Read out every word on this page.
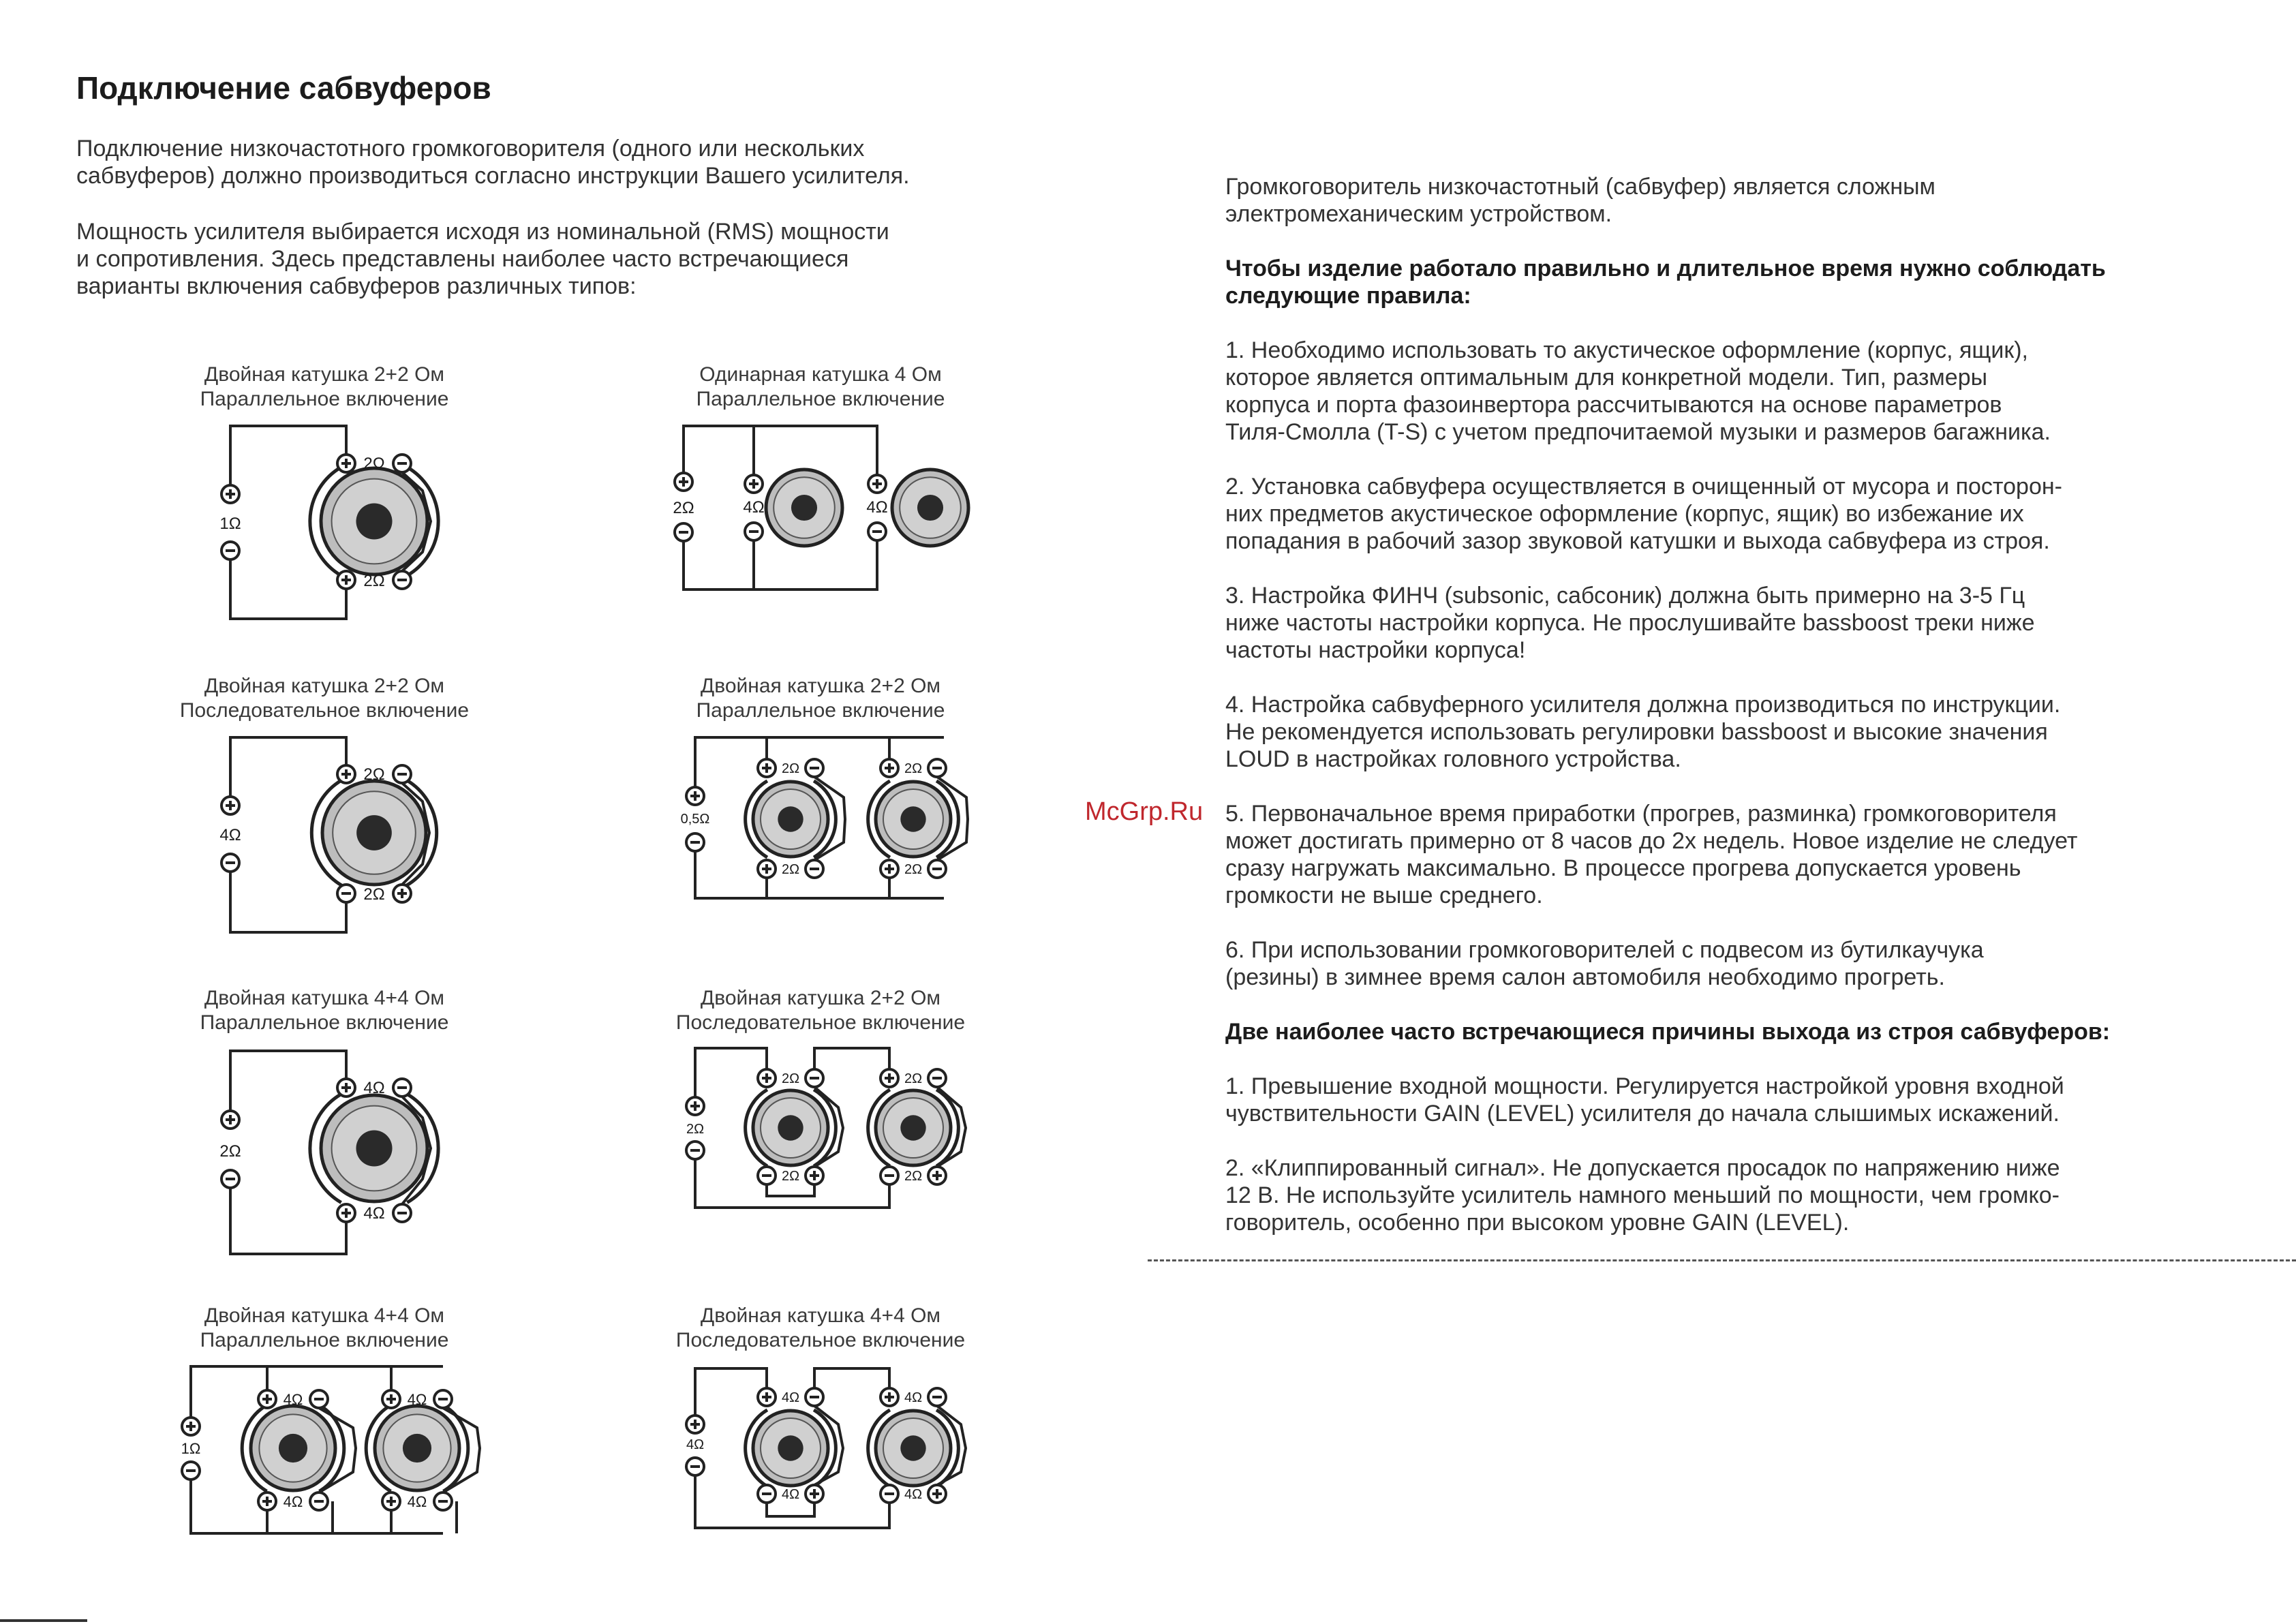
Подключение сабвуферов
Подключение низкочастотного громкоговорителя (одного или нескольких
сабвуферов) должно производиться согласно инструкции Вашего усилителя.
Мощность усилителя выбирается исходя из номинальной (RMS) мощности
и сопротивления. Здесь представлены наиболее часто встречающиеся
варианты включения сабвуферов различных типов:
Двойная катушка 2+2 Ом
Параллельное включение
Одинарная катушка 4 Ом
Параллельное включение
Двойная катушка 2+2 Ом
Последовательное включение
Двойная катушка 2+2 Ом
Параллельное включение
Двойная катушка 4+4 Ом
Параллельное включение
Двойная катушка 2+2 Ом
Последовательное включение
Двойная катушка 4+4 Ом
Параллельное включение
Двойная катушка 4+4 Ом
Последовательное включение
1Ω
2Ω
2Ω
2Ω	4Ω	4Ω
4Ω
2Ω
2Ω
2Ω
2Ω
2Ω
2Ω
0,5Ω
2Ω
4Ω
4Ω
2Ω
2Ω
2Ω
2Ω
2Ω
4Ω
4Ω
4Ω
4Ω
1Ω	4Ω
4Ω
4Ω
4Ω
4Ω

Громкоговоритель низкочастотный (сабвуфер) является сложным
электромеханическим устройством.

Чтобы изделие работало правильно и длительное время нужно соблюдать
следующие правила:

1. Необходимо использовать то акустическое оформление (корпус, ящик),
которое является оптимальным для конкретной модели. Тип, размеры
корпуса и порта фазоинвертора рассчитываются на основе параметров
Тиля-Смолла (T-S) с учетом предпочитаемой музыки и размеров багажника.

2. Установка сабвуфера осуществляется в очищенный от мусора и посторон-
них предметов акустическое оформление (корпус, ящик) во избежание их
попадания в рабочий зазор звуковой катушки и выхода сабвуфера из строя.

3. Настройка ФИНЧ (subsonic, сабсоник) должна быть примерно на 3-5 Гц
ниже частоты настройки корпуса. Не прослушивайте bassboost треки ниже
частоты настройки корпуса!

4. Настройка сабвуферного усилителя должна производиться по инструкции.
Не рекомендуется использовать регулировки bassboost и высокие значения
LOUD в настройках головного устройства.

5. Первоначальное время приработки (прогрев, разминка) громкоговорителя
может достигать примерно от 8 часов до 2х недель. Новое изделие не следует
сразу нагружать максимально. В процессе прогрева допускается уровень
громкости не выше среднего.

6. При использовании громкоговорителей с подвесом из бутилкаучука
(резины) в зимнее время салон автомобиля необходимо прогреть.

Две наиболее часто встречающиеся причины выхода из строя сабвуферов:

1. Превышение входной мощности. Регулируется настройкой уровня входной
чувствительности GAIN (LEVEL) усилителя до начала слышимых искажений.

2. «Клиппированный сигнал». Не допускается просадок по напряжению ниже
12 В. Не используйте усилитель намного меньший по мощности, чем громко-
говоритель, особенно при высоком уровне GAIN (LEVEL).

McGrp.Ru
